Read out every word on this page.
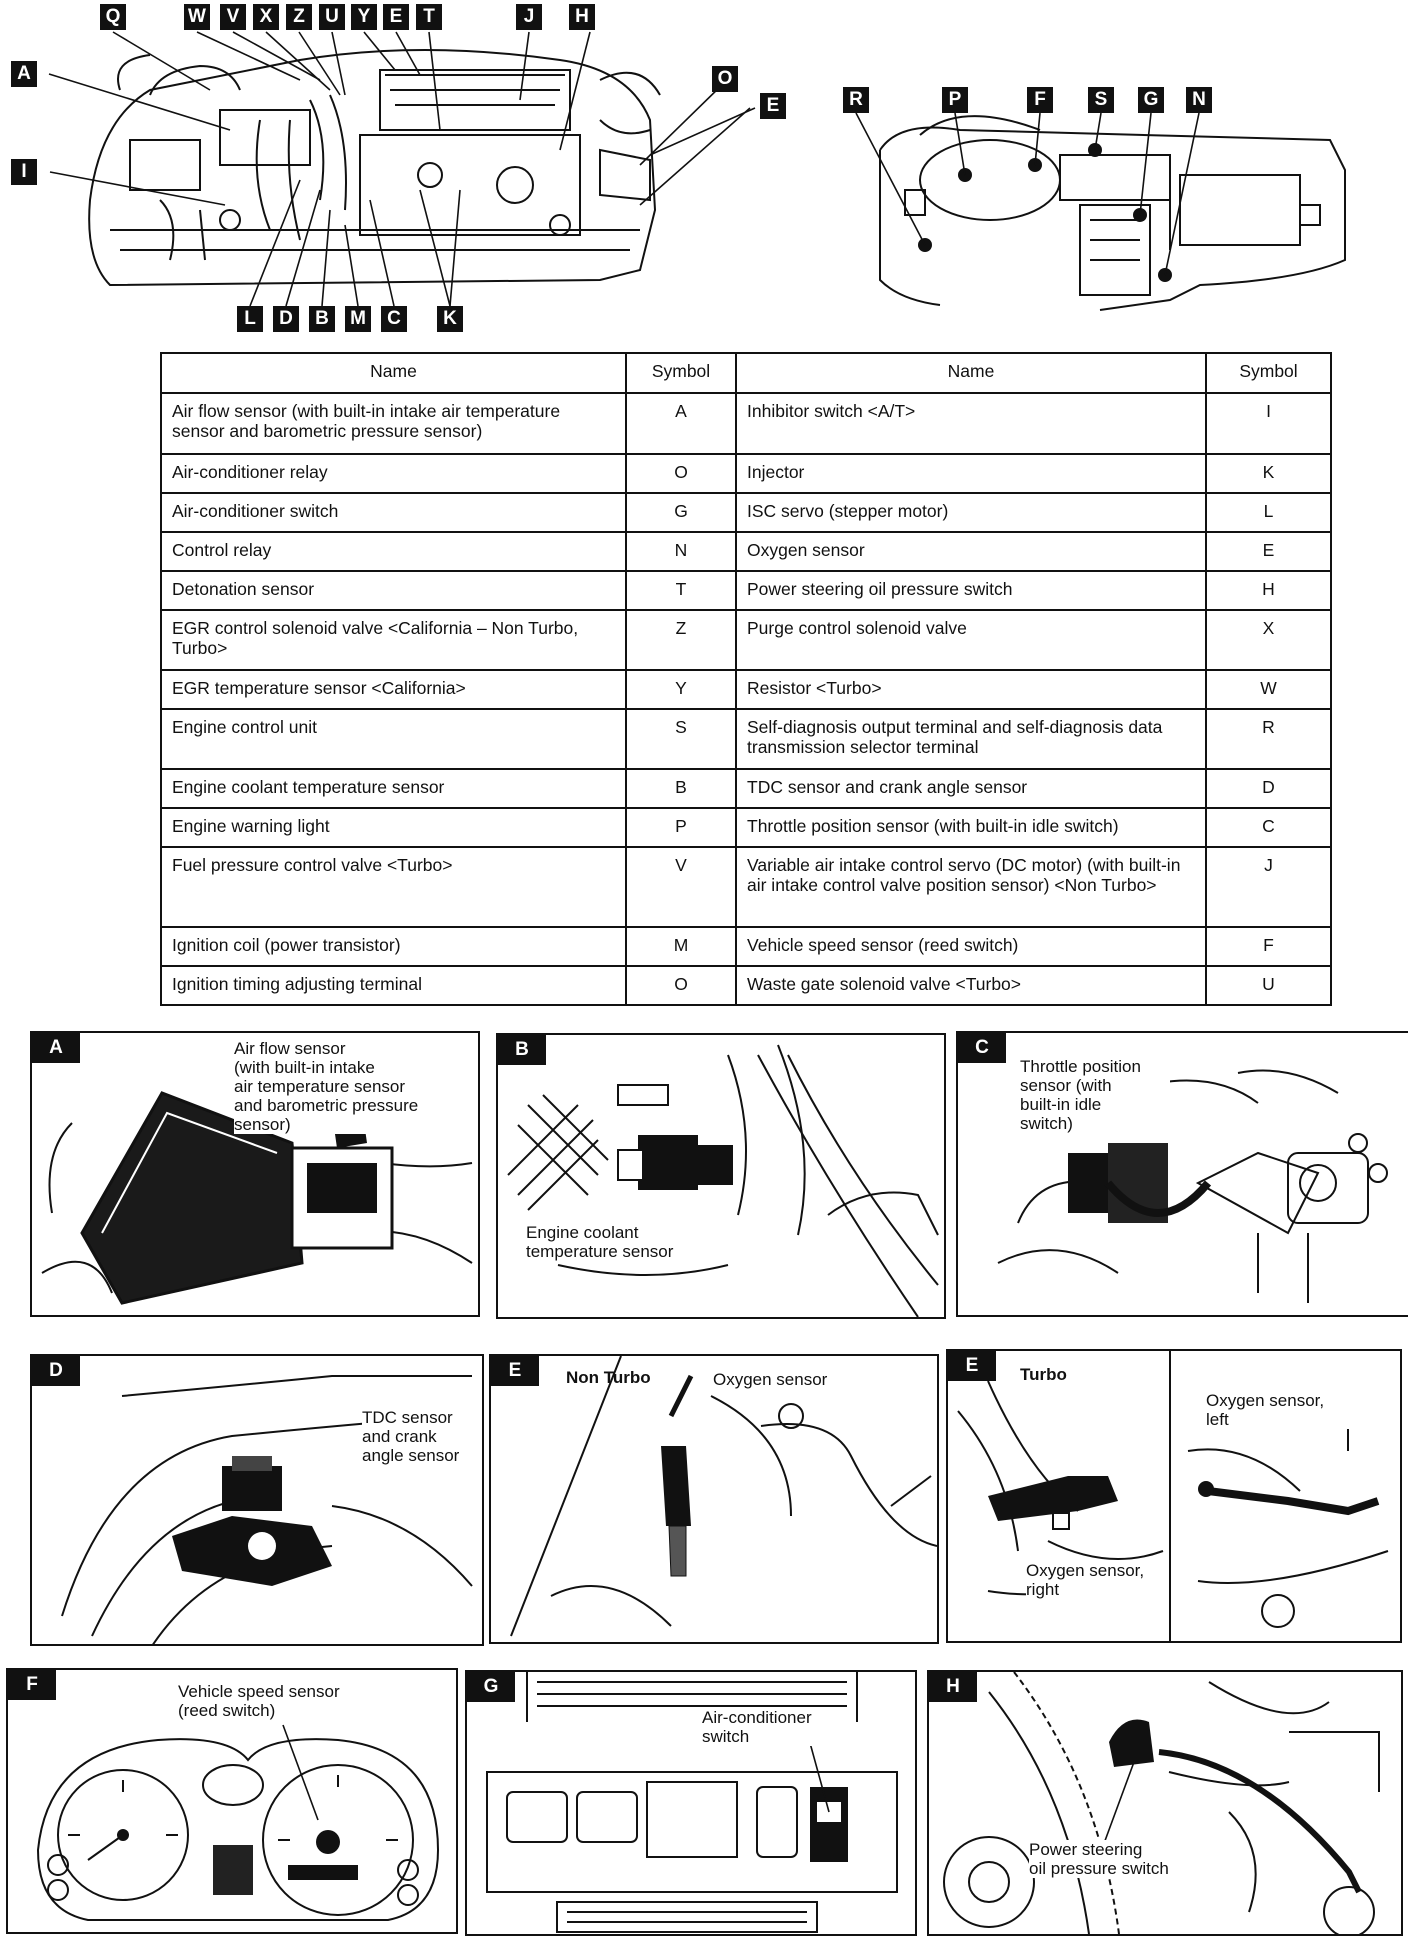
Q	W	V	X	Z	U Y	E	T	J	H
A
I
O
E
L	D	B	M	C	K
R	P	F	S	G	N
Name	Symbol	Name	Symbol
Air flow sensor (with built-in intake air temperature sensor and barometric pressure sensor)	A	Inhibitor switch <A/T>	I
Air-conditioner relay	O	Injector	K
Air-conditioner switch	G	ISC servo (stepper motor)	L
Control relay	N	Oxygen sensor	E
Detonation sensor	T	Power steering oil pressure switch	H
EGR control solenoid valve <California – Non Turbo, Turbo>	Z	Purge control solenoid valve	X
EGR temperature sensor <California>	Y	Resistor <Turbo>	W
Engine control unit	S	Self-diagnosis output terminal and self-diagnosis data transmission selector terminal	R
Engine coolant temperature sensor	B	TDC sensor and crank angle sensor	D
Engine warning light	P	Throttle position sensor (with built-in idle switch)	C
Fuel pressure control valve <Turbo>	V	Variable air intake control servo (DC motor) (with built-in air intake control valve position sensor) <Non Turbo>	J
Ignition coil (power transistor)	M	Vehicle speed sensor (reed switch)	F
Ignition timing adjusting terminal	O	Waste gate solenoid valve <Turbo>	U
A	Air flow sensor
(with built-in intake
air temperature sensor
and barometric pressure
sensor)
B
Engine coolant
temperature sensor
C
Throttle position
sensor (with
built-in idle
switch)
D
TDC sensor
and crank
angle sensor
E	Non Turbo	Oxygen sensor
E	Turbo
Oxygen sensor,
right
Oxygen sensor,
left
F	Vehicle speed sensor
(reed switch)
G
Air-conditioner
switch
H
Power steering
oil pressure switch
